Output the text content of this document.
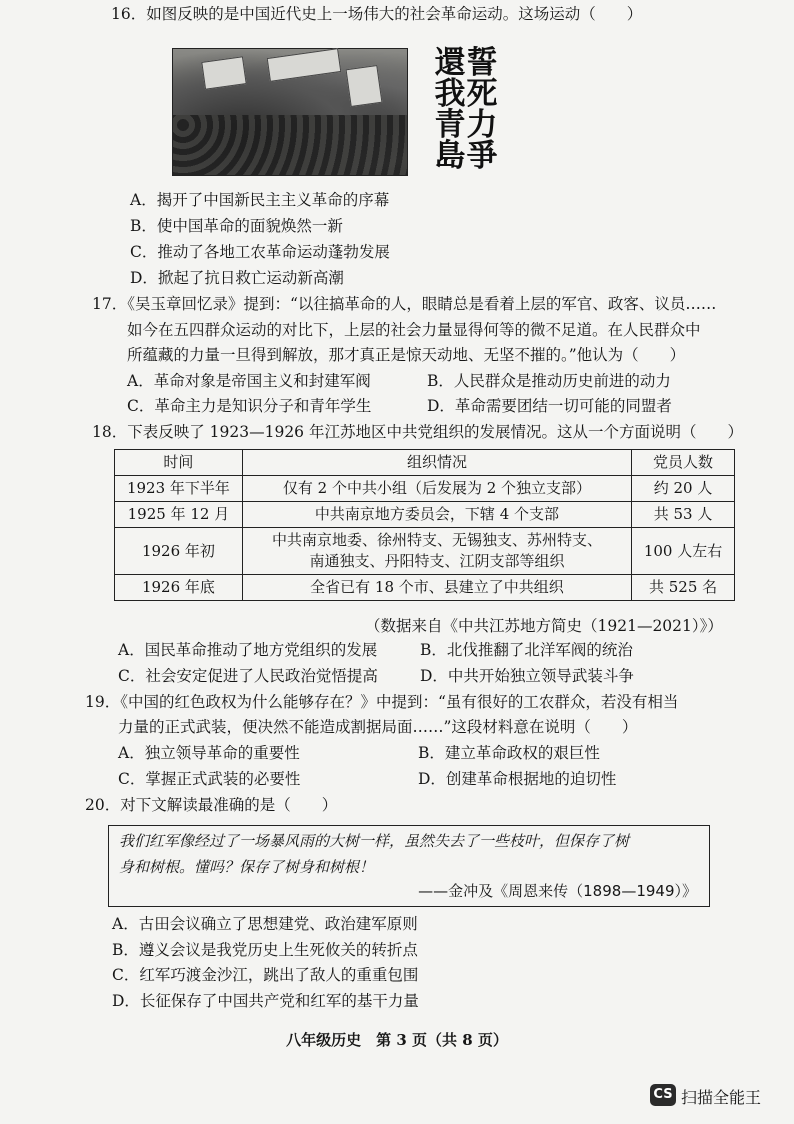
16．如图反映的是中国近代史上一场伟大的社会革命运动。这场运动（　　）
還我青島
誓死力爭
A．揭开了中国新民主主义革命的序幕
B．使中国革命的面貌焕然一新
C．推动了各地工农革命运动蓬勃发展
D．掀起了抗日救亡运动新高潮
17．《吴玉章回忆录》提到：“以往搞革命的人，眼睛总是看着上层的军官、政客、议员……
如今在五四群众运动的对比下，上层的社会力量显得何等的微不足道。在人民群众中
所蕴藏的力量一旦得到解放，那才真正是惊天动地、无坚不摧的。”他认为（　　）
A．革命对象是帝国主义和封建军阀	B．人民群众是推动历史前进的动力
C．革命主力是知识分子和青年学生	D．革命需要团结一切可能的同盟者
18．下表反映了 1923—1926 年江苏地区中共党组织的发展情况。这从一个方面说明（　　）
时间	组织情况	党员人数
1923 年下半年	仅有 2 个中共小组（后发展为 2 个独立支部）	约 20 人
1925 年 12 月	中共南京地方委员会，下辖 4 个支部	共 53 人
1926 年初	中共南京地委、徐州特支、无锡独支、苏州特支、
南通独支、丹阳特支、江阴支部等组织	100 人左右
1926 年底	全省已有 18 个市、县建立了中共组织	共 525 名
（数据来自《中共江苏地方简史（1921—2021）》）
A．国民革命推动了地方党组织的发展	B．北伐推翻了北洋军阀的统治
C．社会安定促进了人民政治觉悟提高	D．中共开始独立领导武装斗争
19．《中国的红色政权为什么能够存在？》中提到：“虽有很好的工农群众，若没有相当
力量的正式武装，便决然不能造成割据局面……”这段材料意在说明（　　）
A．独立领导革命的重要性	B．建立革命政权的艰巨性
C．掌握正式武装的必要性	D．创建革命根据地的迫切性
20．对下文解读最准确的是（　　）
我们红军像经过了一场暴风雨的大树一样，虽然失去了一些枝叶，但保存了树
身和树根。懂吗？保存了树身和树根！
——金冲及《周恩来传（1898—1949）》
A．古田会议确立了思想建党、政治建军原则
B．遵义会议是我党历史上生死攸关的转折点
C．红军巧渡金沙江，跳出了敌人的重重包围
D．长征保存了中国共产党和红军的基干力量
八年级历史　第 3 页（共 8 页）
CS 扫描全能王
